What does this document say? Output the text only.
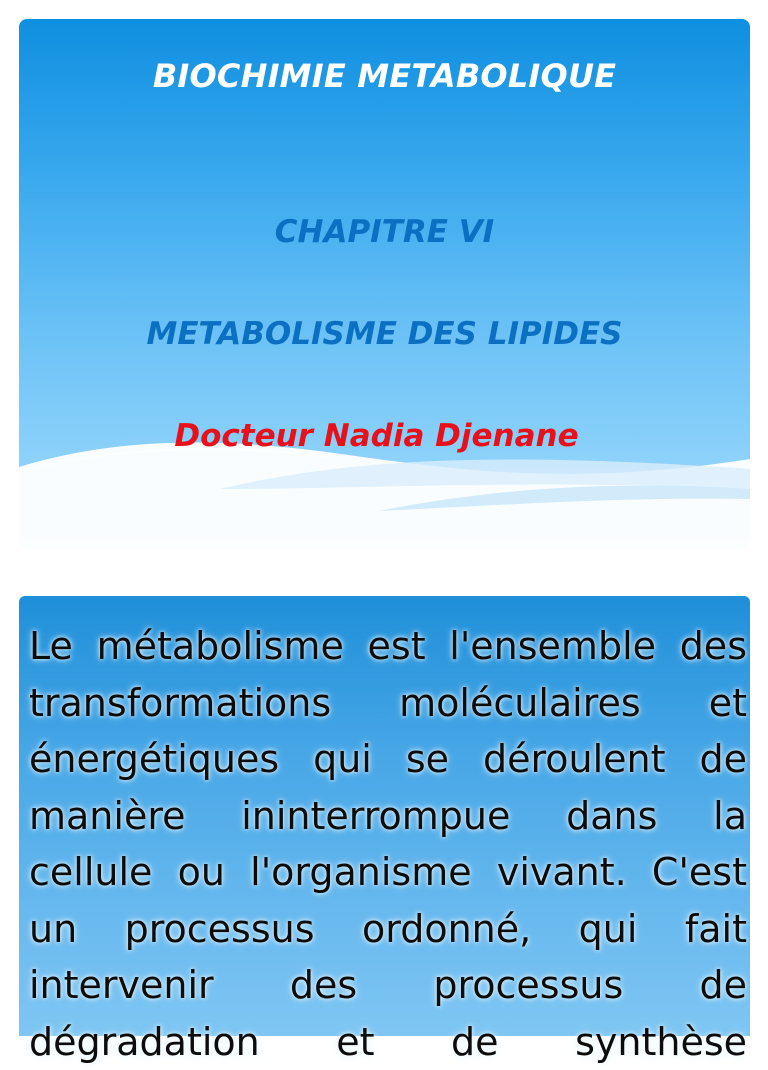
BIOCHIMIE METABOLIQUE
CHAPITRE VI
METABOLISME DES LIPIDES
Docteur Nadia Djenane

Le métabolisme est l'ensemble des transformations moléculaires et énergétiques qui se déroulent de manière ininterrompue dans la cellule ou l'organisme vivant. C'est un processus ordonné, qui fait intervenir des processus de dégradation et de synthèse
